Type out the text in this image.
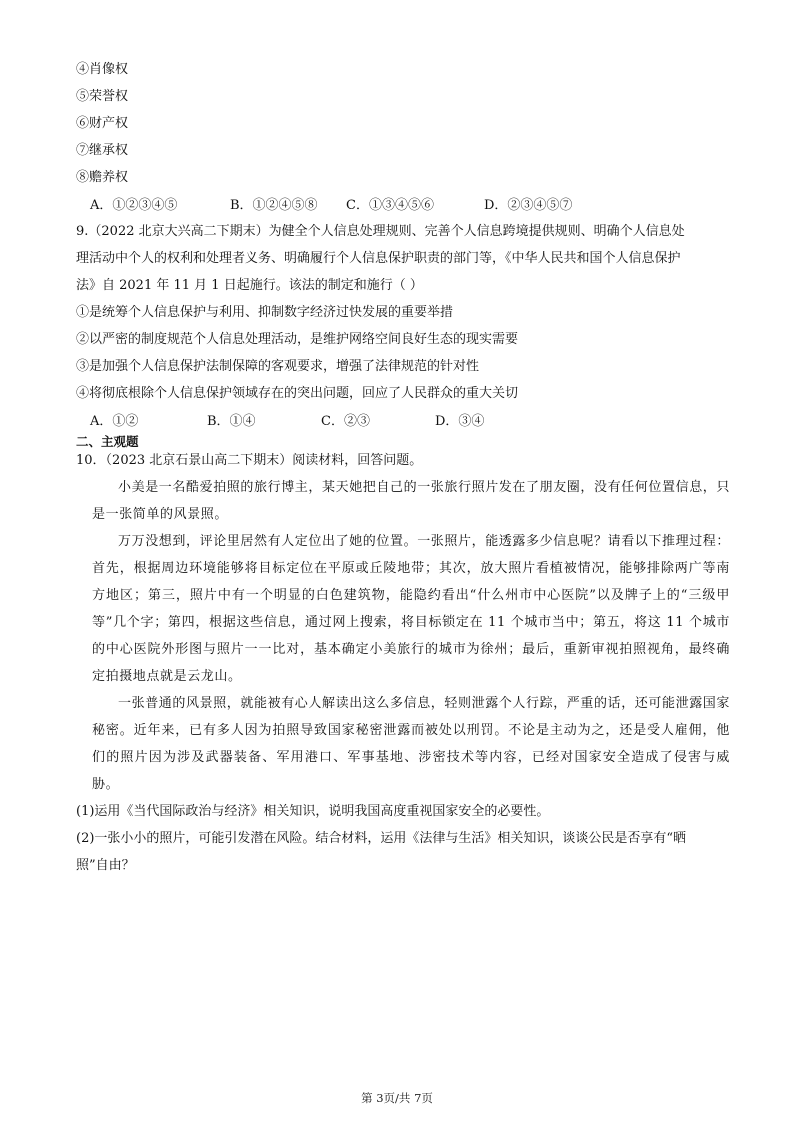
④肖像权
⑤荣誉权
⑥财产权
⑦继承权
⑧赡养权
A．①②③④⑤	B．①②④⑤⑧ C．①③④⑤⑥	D．②③④⑤⑦
9.（2022 北京大兴高二下期末）为健全个人信息处理规则、完善个人信息跨境提供规则、明确个人信息处
理活动中个人的权利和处理者义务、明确履行个人信息保护职责的部门等，《中华人民共和国个人信息保护
法》自 2021 年 11 月 1 日起施行。该法的制定和施行（ ）
①是统筹个人信息保护与利用、抑制数字经济过快发展的重要举措
②以严密的制度规范个人信息处理活动，是维护网络空间良好生态的现实需要
③是加强个人信息保护法制保障的客观要求，增强了法律规范的针对性
④将彻底根除个人信息保护领域存在的突出问题，回应了人民群众的重大关切
A．①②	B．①④	C．②③	D．③④
二、主观题
10．（2023 北京石景山高二下期末）阅读材料，回答问题。
小美是一名酷爱拍照的旅行博主，某天她把自己的一张旅行照片发在了朋友圈，没有任何位置信息，只是一张简单的风景照。
万万没想到，评论里居然有人定位出了她的位置。一张照片，能透露多少信息呢？请看以下推理过程：首先，根据周边环境能够将目标定位在平原或丘陵地带；其次，放大照片看植被情况，能够排除两广等南方地区；第三，照片中有一个明显的白色建筑物，能隐约看出“什么州市中心医院”以及牌子上的“三级甲等”几个字；第四，根据这些信息，通过网上搜索，将目标锁定在 11 个城市当中；第五，将这 11 个城市的中心医院外形图与照片一一比对，基本确定小美旅行的城市为徐州；最后，重新审视拍照视角，最终确定拍摄地点就是云龙山。
一张普通的风景照，就能被有心人解读出这么多信息，轻则泄露个人行踪，严重的话，还可能泄露国家秘密。近年来，已有多人因为拍照导致国家秘密泄露而被处以刑罚。不论是主动为之，还是受人雇佣，他们的照片因为涉及武器装备、军用港口、军事基地、涉密技术等内容，已经对国家安全造成了侵害与威胁。
(1)运用《当代国际政治与经济》相关知识，说明我国高度重视国家安全的必要性。
(2)一张小小的照片，可能引发潜在风险。结合材料，运用《法律与生活》相关知识，谈谈公民是否享有“晒
照”自由？
第 3页/共 7页
